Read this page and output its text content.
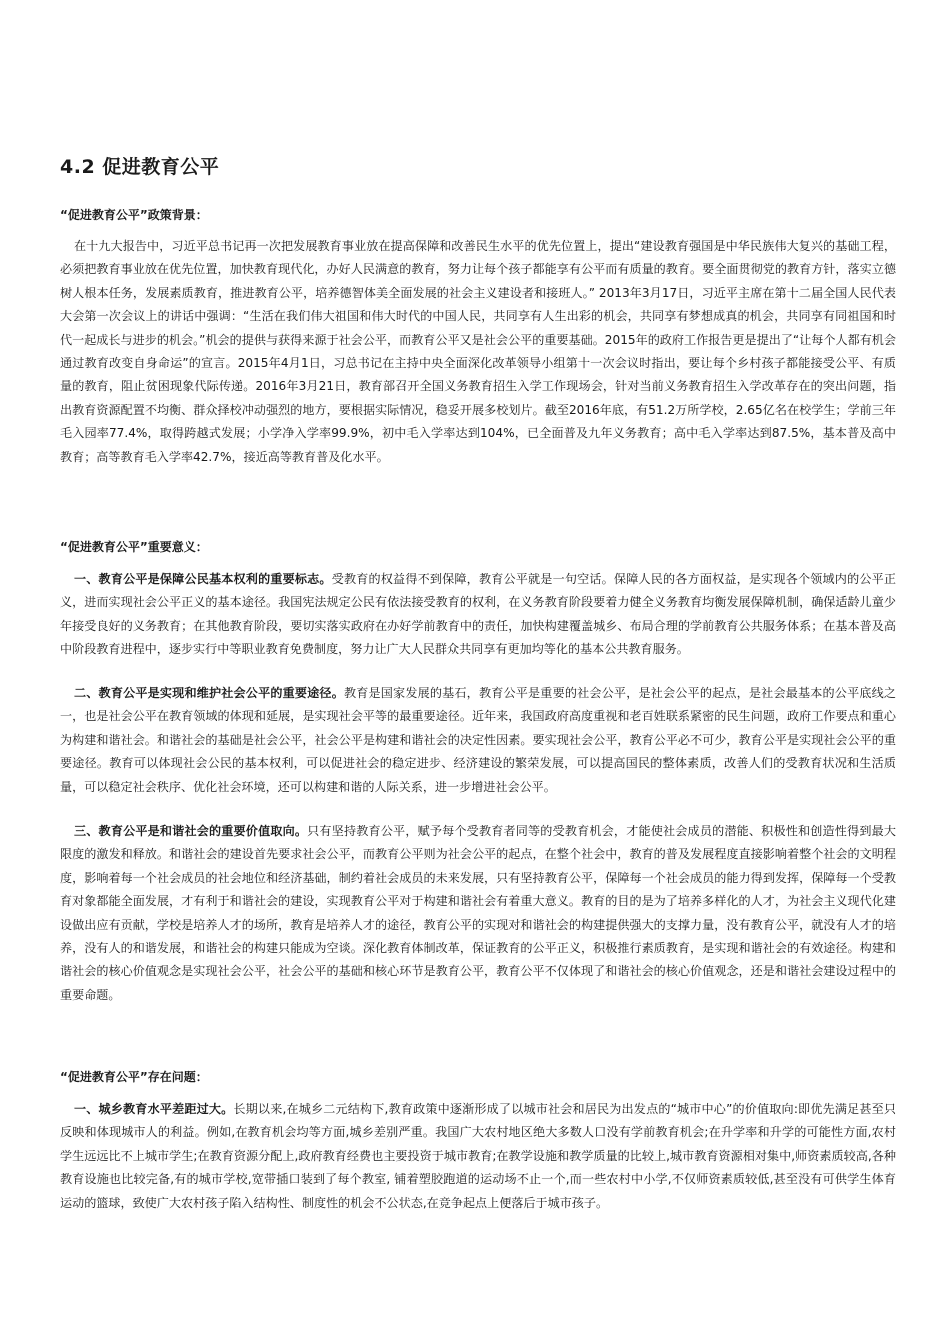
4.2 促进教育公平

“促进教育公平”政策背景：

在十九大报告中，习近平总书记再一次把发展教育事业放在提高保障和改善民生水平的优先位置上，提出“建设教育强国是中华民族伟大复兴的基础工程，必须把教育事业放在优先位置，加快教育现代化，办好人民满意的教育，努力让每个孩子都能享有公平而有质量的教育。要全面贯彻党的教育方针，落实立德树人根本任务，发展素质教育，推进教育公平，培养德智体美全面发展的社会主义建设者和接班人。” 2013年3月17日，习近平主席在第十二届全国人民代表大会第一次会议上的讲话中强调：“生活在我们伟大祖国和伟大时代的中国人民，共同享有人生出彩的机会，共同享有梦想成真的机会，共同享有同祖国和时代一起成长与进步的机会。”机会的提供与获得来源于社会公平，而教育公平又是社会公平的重要基础。2015年的政府工作报告更是提出了“让每个人都有机会通过教育改变自身命运”的宣言。2015年4月1日，习总书记在主持中央全面深化改革领导小组第十一次会议时指出，要让每个乡村孩子都能接受公平、有质量的教育，阻止贫困现象代际传递。2016年3月21日，教育部召开全国义务教育招生入学工作现场会，针对当前义务教育招生入学改革存在的突出问题，指出教育资源配置不均衡、群众择校冲动强烈的地方，要根据实际情况，稳妥开展多校划片。截至2016年底，有51.2万所学校，2.65亿名在校学生；学前三年毛入园率77.4%，取得跨越式发展；小学净入学率99.9%，初中毛入学率达到104%，已全面普及九年义务教育；高中毛入学率达到87.5%，基本普及高中教育；高等教育毛入学率42.7%，接近高等教育普及化水平。

“促进教育公平”重要意义：

一、教育公平是保障公民基本权利的重要标志。受教育的权益得不到保障，教育公平就是一句空话。保障人民的各方面权益，是实现各个领域内的公平正义，进而实现社会公平正义的基本途径。我国宪法规定公民有依法接受教育的权利，在义务教育阶段要着力健全义务教育均衡发展保障机制，确保适龄儿童少年接受良好的义务教育；在其他教育阶段，要切实落实政府在办好学前教育中的责任，加快构建覆盖城乡、布局合理的学前教育公共服务体系；在基本普及高中阶段教育进程中，逐步实行中等职业教育免费制度，努力让广大人民群众共同享有更加均等化的基本公共教育服务。

二、教育公平是实现和维护社会公平的重要途径。教育是国家发展的基石，教育公平是重要的社会公平，是社会公平的起点，是社会最基本的公平底线之一，也是社会公平在教育领域的体现和延展，是实现社会平等的最重要途径。近年来，我国政府高度重视和老百姓联系紧密的民生问题，政府工作要点和重心为构建和谐社会。和谐社会的基础是社会公平，社会公平是构建和谐社会的决定性因素。要实现社会公平，教育公平必不可少，教育公平是实现社会公平的重要途径。教育可以体现社会公民的基本权利，可以促进社会的稳定进步、经济建设的繁荣发展，可以提高国民的整体素质，改善人们的受教育状况和生活质量，可以稳定社会秩序、优化社会环境，还可以构建和谐的人际关系，进一步增进社会公平。

三、教育公平是和谐社会的重要价值取向。只有坚持教育公平，赋予每个受教育者同等的受教育机会，才能使社会成员的潜能、积极性和创造性得到最大限度的激发和释放。和谐社会的建设首先要求社会公平，而教育公平则为社会公平的起点，在整个社会中，教育的普及发展程度直接影响着整个社会的文明程度，影响着每一个社会成员的社会地位和经济基础，制约着社会成员的未来发展，只有坚持教育公平，保障每一个社会成员的能力得到发挥，保障每一个受教育对象都能全面发展，才有利于和谐社会的建设，实现教育公平对于构建和谐社会有着重大意义。教育的目的是为了培养多样化的人才，为社会主义现代化建设做出应有贡献，学校是培养人才的场所，教育是培养人才的途径，教育公平的实现对和谐社会的构建提供强大的支撑力量，没有教育公平，就没有人才的培养，没有人的和谐发展，和谐社会的构建只能成为空谈。深化教育体制改革，保证教育的公平正义，积极推行素质教育，是实现和谐社会的有效途径。构建和谐社会的核心价值观念是实现社会公平，社会公平的基础和核心环节是教育公平，教育公平不仅体现了和谐社会的核心价值观念，还是和谐社会建设过程中的重要命题。

“促进教育公平”存在问题：

一、城乡教育水平差距过大。长期以来,在城乡二元结构下,教育政策中逐渐形成了以城市社会和居民为出发点的“城市中心”的价值取向:即优先满足甚至只反映和体现城市人的利益。例如,在教育机会均等方面,城乡差别严重。我国广大农村地区绝大多数人口没有学前教育机会;在升学率和升学的可能性方面,农村学生远远比不上城市学生;在教育资源分配上,政府教育经费也主要投资于城市教育;在教学设施和教学质量的比较上,城市教育资源相对集中,师资素质较高,各种教育设施也比较完备,有的城市学校,宽带插口装到了每个教室, 铺着塑胶跑道的运动场不止一个,而一些农村中小学,不仅师资素质较低,甚至没有可供学生体育运动的篮球，致使广大农村孩子陷入结构性、制度性的机会不公状态,在竞争起点上便落后于城市孩子。
